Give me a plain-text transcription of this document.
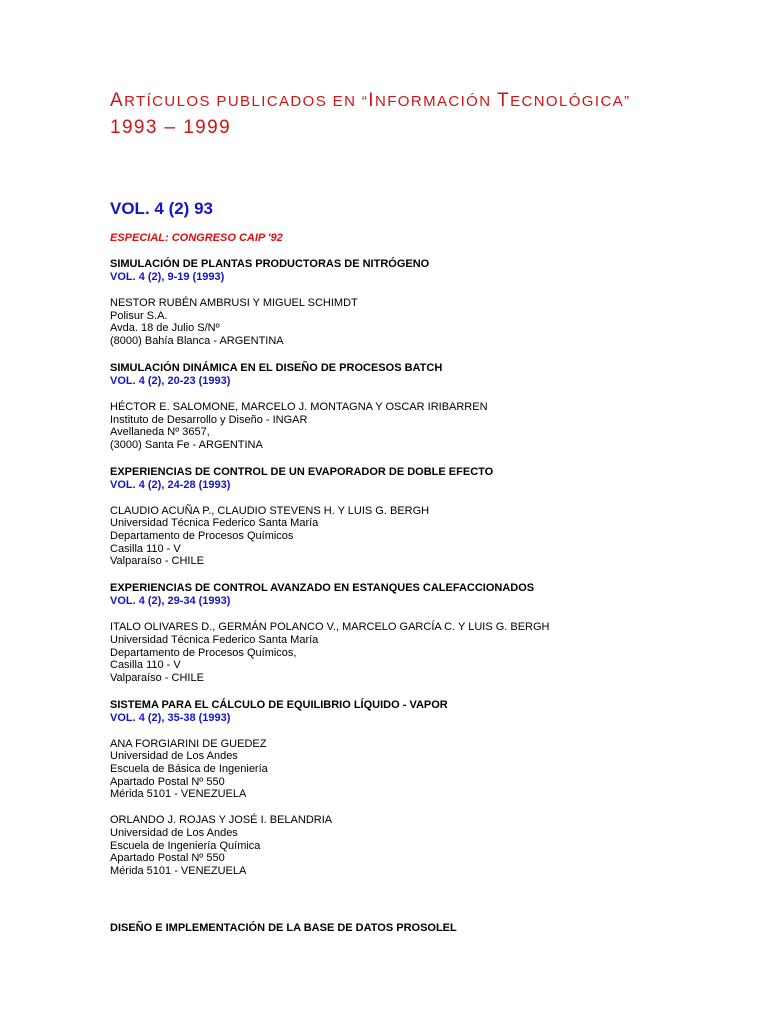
ARTÍCULOS PUBLICADOS EN “INFORMACIÓN TECNOLÓGICA”
1993 – 1999
VOL. 4 (2) 93
ESPECIAL: CONGRESO CAIP '92
SIMULACIÓN DE PLANTAS PRODUCTORAS DE NITRÓGENO
VOL. 4 (2), 9-19 (1993)
NESTOR RUBÉN AMBRUSI Y MIGUEL SCHIMDT
Polisur S.A.
Avda. 18 de Julio S/Nº
(8000) Bahía Blanca - ARGENTINA
SIMULACIÓN DINÁMICA EN EL DISEÑO DE PROCESOS BATCH
VOL. 4 (2), 20-23 (1993)
HÉCTOR E. SALOMONE, MARCELO J. MONTAGNA Y OSCAR IRIBARREN
Instituto de Desarrollo y Diseño - INGAR
Avellaneda Nº 3657,
(3000) Santa Fe - ARGENTINA
EXPERIENCIAS DE CONTROL DE UN EVAPORADOR DE DOBLE EFECTO
VOL. 4 (2), 24-28 (1993)
CLAUDIO ACUÑA P., CLAUDIO STEVENS H. Y LUIS G. BERGH
Universidad Técnica Federico Santa María
Departamento de Procesos Químicos
Casilla 110 - V
Valparaíso - CHILE
EXPERIENCIAS DE CONTROL AVANZADO EN ESTANQUES CALEFACCIONADOS
VOL. 4 (2), 29-34 (1993)
ITALO OLIVARES D., GERMÁN POLANCO V., MARCELO GARCÍA C. Y LUIS G. BERGH
Universidad Técnica Federico Santa María
Departamento de Procesos Químicos,
Casilla 110 - V
Valparaíso - CHILE
SISTEMA PARA EL CÁLCULO DE EQUILIBRIO LÍQUIDO - VAPOR
VOL. 4 (2), 35-38 (1993)
ANA FORGIARINI DE GUEDEZ
Universidad de Los Andes
Escuela de Básica de Ingeniería
Apartado Postal Nº 550
Mérida 5101 - VENEZUELA
ORLANDO J. ROJAS Y JOSÉ I. BELANDRIA
Universidad de Los Andes
Escuela de Ingeniería Química
Apartado Postal Nº 550
Mérida 5101 - VENEZUELA
DISEÑO E IMPLEMENTACIÓN DE LA BASE DE DATOS PROSOLEL
